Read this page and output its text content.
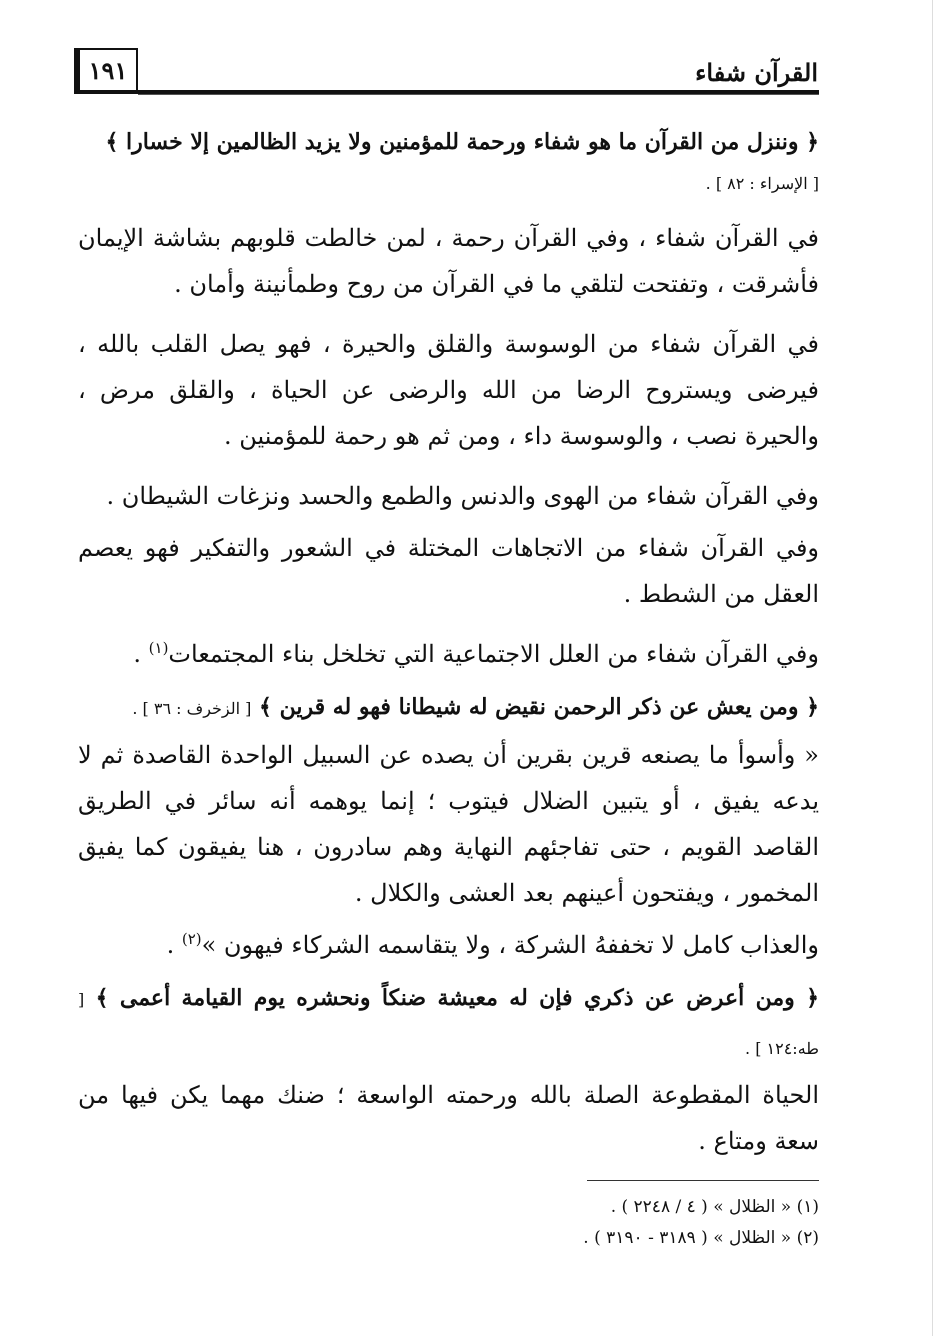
القرآن شفاء
١٩١

﴿ وننزل من القرآن ما هو شفاء ورحمة للمؤمنين ولا يزيد الظالمين إلا خسارا ﴾

[ الإسراء : ٨٢ ] .

في القرآن شفاء ، وفي القرآن رحمة ، لمن خالطت قلوبهم بشاشة الإيمان فأشرقت ، وتفتحت لتلقي ما في القرآن من روح وطمأنينة وأمان .

في القرآن شفاء من الوسوسة والقلق والحيرة ، فهو يصل القلب بالله ، فيرضى ويستروح الرضا من الله والرضى عن الحياة ، والقلق مرض ، والحيرة نصب ، والوسوسة داء ، ومن ثم هو رحمة للمؤمنين .

وفي القرآن شفاء من الهوى والدنس والطمع والحسد ونزغات الشيطان .

وفي القرآن شفاء من الاتجاهات المختلة في الشعور والتفكير فهو يعصم العقل من الشطط .

وفي القرآن شفاء من العلل الاجتماعية التي تخلخل بناء المجتمعات$^{(١)}$ .

﴿ ومن يعش عن ذكر الرحمن نقيض له شيطانا فهو له قرين ﴾ [ الزخرف : ٣٦ ] .

« وأسوأ ما يصنعه قرين بقرين أن يصده عن السبيل الواحدة القاصدة ثم لا يدعه يفيق ، أو يتبين الضلال فيتوب ؛ إنما يوهمه أنه سائر في الطريق القاصد القويم ، حتى تفاجئهم النهاية وهم سادرون ، هنا يفيقون كما يفيق المخمور ، ويفتحون أعينهم بعد العشى والكلال .

والعذاب كامل لا تخففهُ الشركة ، ولا يتقاسمه الشركاء فيهون »$^{(٢)}$ .

﴿ ومن أعرض عن ذكري فإن له معيشة ضنكاً ونحشره يوم القيامة أعمى ﴾ [ طه:١٢٤ ] .

الحياة المقطوعة الصلة بالله ورحمته الواسعة ؛ ضنك مهما يكن فيها من سعة ومتاع .

(١) « الظلال » ( ٤ / ٢٢٤٨ ) .

(٢) « الظلال » ( ٣١٨٩ - ٣١٩٠ ) .
